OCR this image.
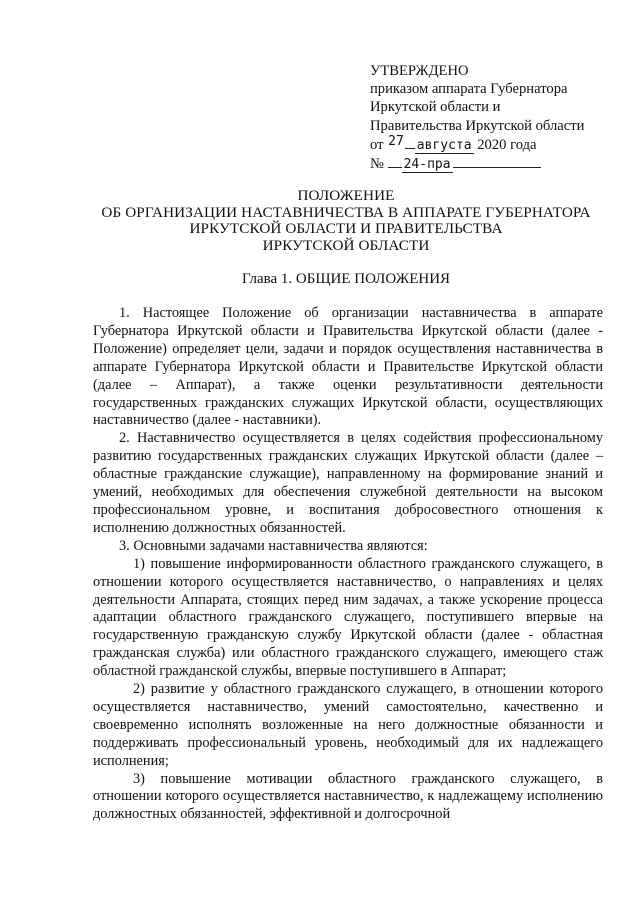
УТВЕРЖДЕНО
приказом аппарата Губернатора
Иркутской области и
Правительства Иркутской области
от 27 августа 2020 года
№ 24-пра
ПОЛОЖЕНИЕ
ОБ ОРГАНИЗАЦИИ НАСТАВНИЧЕСТВА В АППАРАТЕ ГУБЕРНАТОРА
ИРКУТСКОЙ ОБЛАСТИ И ПРАВИТЕЛЬСТВА
ИРКУТСКОЙ ОБЛАСТИ
Глава 1. ОБЩИЕ ПОЛОЖЕНИЯ

1. Настоящее Положение об организации наставничества в аппарате Губернатора Иркутской области и Правительства Иркутской области (далее - Положение) определяет цели, задачи и порядок осуществления наставничества в аппарате Губернатора Иркутской области и Правительстве Иркутской области (далее – Аппарат), а также оценки результативности деятельности государственных гражданских служащих Иркутской области, осуществляющих наставничество (далее - наставники).

2. Наставничество осуществляется в целях содействия профессиональному развитию государственных гражданских служащих Иркутской области (далее – областные гражданские служащие), направленному на формирование знаний и умений, необходимых для обеспечения служебной деятельности на высоком профессиональном уровне, и воспитания добросовестного отношения к исполнению должностных обязанностей.

3. Основными задачами наставничества являются:

1) повышение информированности областного гражданского служащего, в отношении которого осуществляется наставничество, о направлениях и целях деятельности Аппарата, стоящих перед ним задачах, а также ускорение процесса адаптации областного гражданского служащего, поступившего впервые на государственную гражданскую службу Иркутской области (далее - областная гражданская служба) или областного гражданского служащего, имеющего стаж областной гражданской службы, впервые поступившего в Аппарат;

2) развитие у областного гражданского служащего, в отношении которого осуществляется наставничество, умений самостоятельно, качественно и своевременно исполнять возложенные на него должностные обязанности и поддерживать профессиональный уровень, необходимый для их надлежащего исполнения;

3) повышение мотивации областного гражданского служащего, в отношении которого осуществляется наставничество, к надлежащему исполнению должностных обязанностей, эффективной и долгосрочной
